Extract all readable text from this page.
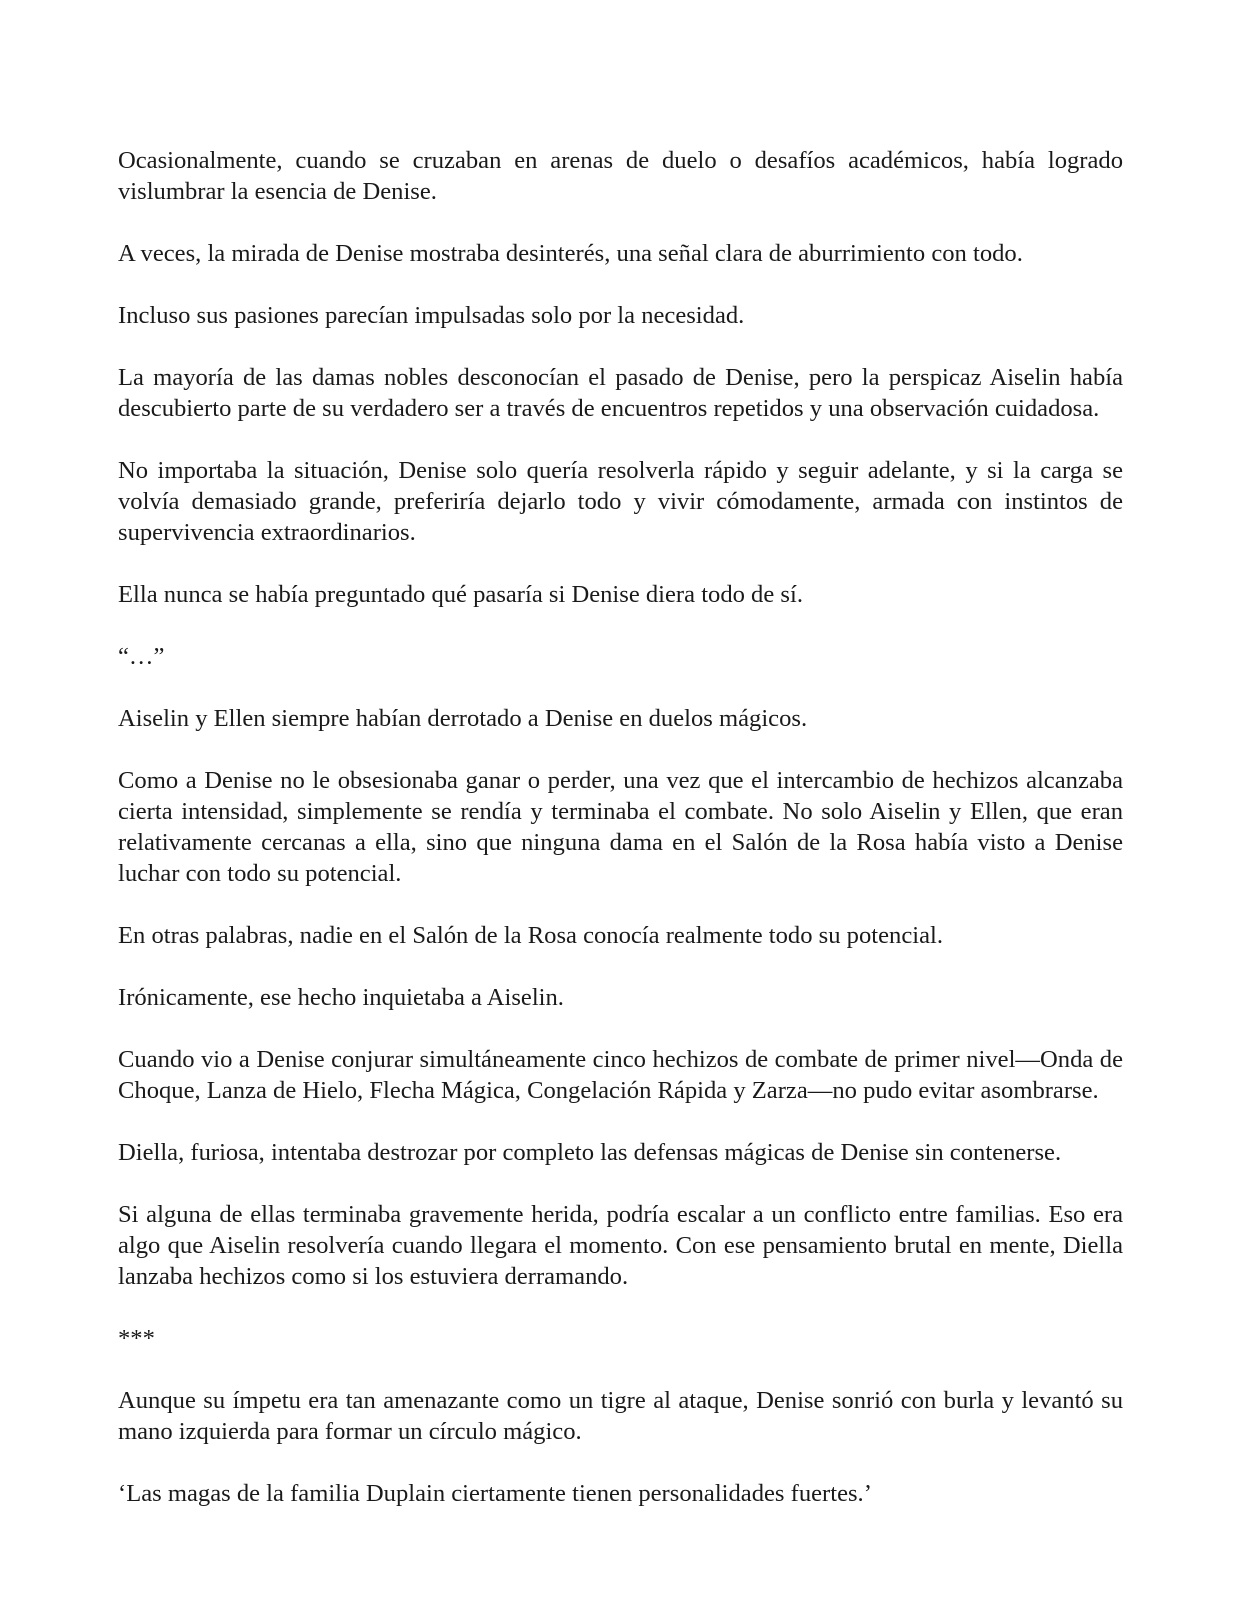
Ocasionalmente, cuando se cruzaban en arenas de duelo o desafíos académicos, había logrado vislumbrar la esencia de Denise.

A veces, la mirada de Denise mostraba desinterés, una señal clara de aburrimiento con todo.

Incluso sus pasiones parecían impulsadas solo por la necesidad.

La mayoría de las damas nobles desconocían el pasado de Denise, pero la perspicaz Aiselin había descubierto parte de su verdadero ser a través de encuentros repetidos y una observación cuidadosa.

No importaba la situación, Denise solo quería resolverla rápido y seguir adelante, y si la carga se volvía demasiado grande, preferiría dejarlo todo y vivir cómodamente, armada con instintos de supervivencia extraordinarios.

Ella nunca se había preguntado qué pasaría si Denise diera todo de sí.

“…”

Aiselin y Ellen siempre habían derrotado a Denise en duelos mágicos.

Como a Denise no le obsesionaba ganar o perder, una vez que el intercambio de hechizos alcanzaba cierta intensidad, simplemente se rendía y terminaba el combate. No solo Aiselin y Ellen, que eran relativamente cercanas a ella, sino que ninguna dama en el Salón de la Rosa había visto a Denise luchar con todo su potencial.

En otras palabras, nadie en el Salón de la Rosa conocía realmente todo su potencial.

Irónicamente, ese hecho inquietaba a Aiselin.

Cuando vio a Denise conjurar simultáneamente cinco hechizos de combate de primer nivel—Onda de Choque, Lanza de Hielo, Flecha Mágica, Congelación Rápida y Zarza—no pudo evitar asombrarse.

Diella, furiosa, intentaba destrozar por completo las defensas mágicas de Denise sin contenerse.

Si alguna de ellas terminaba gravemente herida, podría escalar a un conflicto entre familias. Eso era algo que Aiselin resolvería cuando llegara el momento. Con ese pensamiento brutal en mente, Diella lanzaba hechizos como si los estuviera derramando.

***

Aunque su ímpetu era tan amenazante como un tigre al ataque, Denise sonrió con burla y levantó su mano izquierda para formar un círculo mágico.

‘Las magas de la familia Duplain ciertamente tienen personalidades fuertes.’
